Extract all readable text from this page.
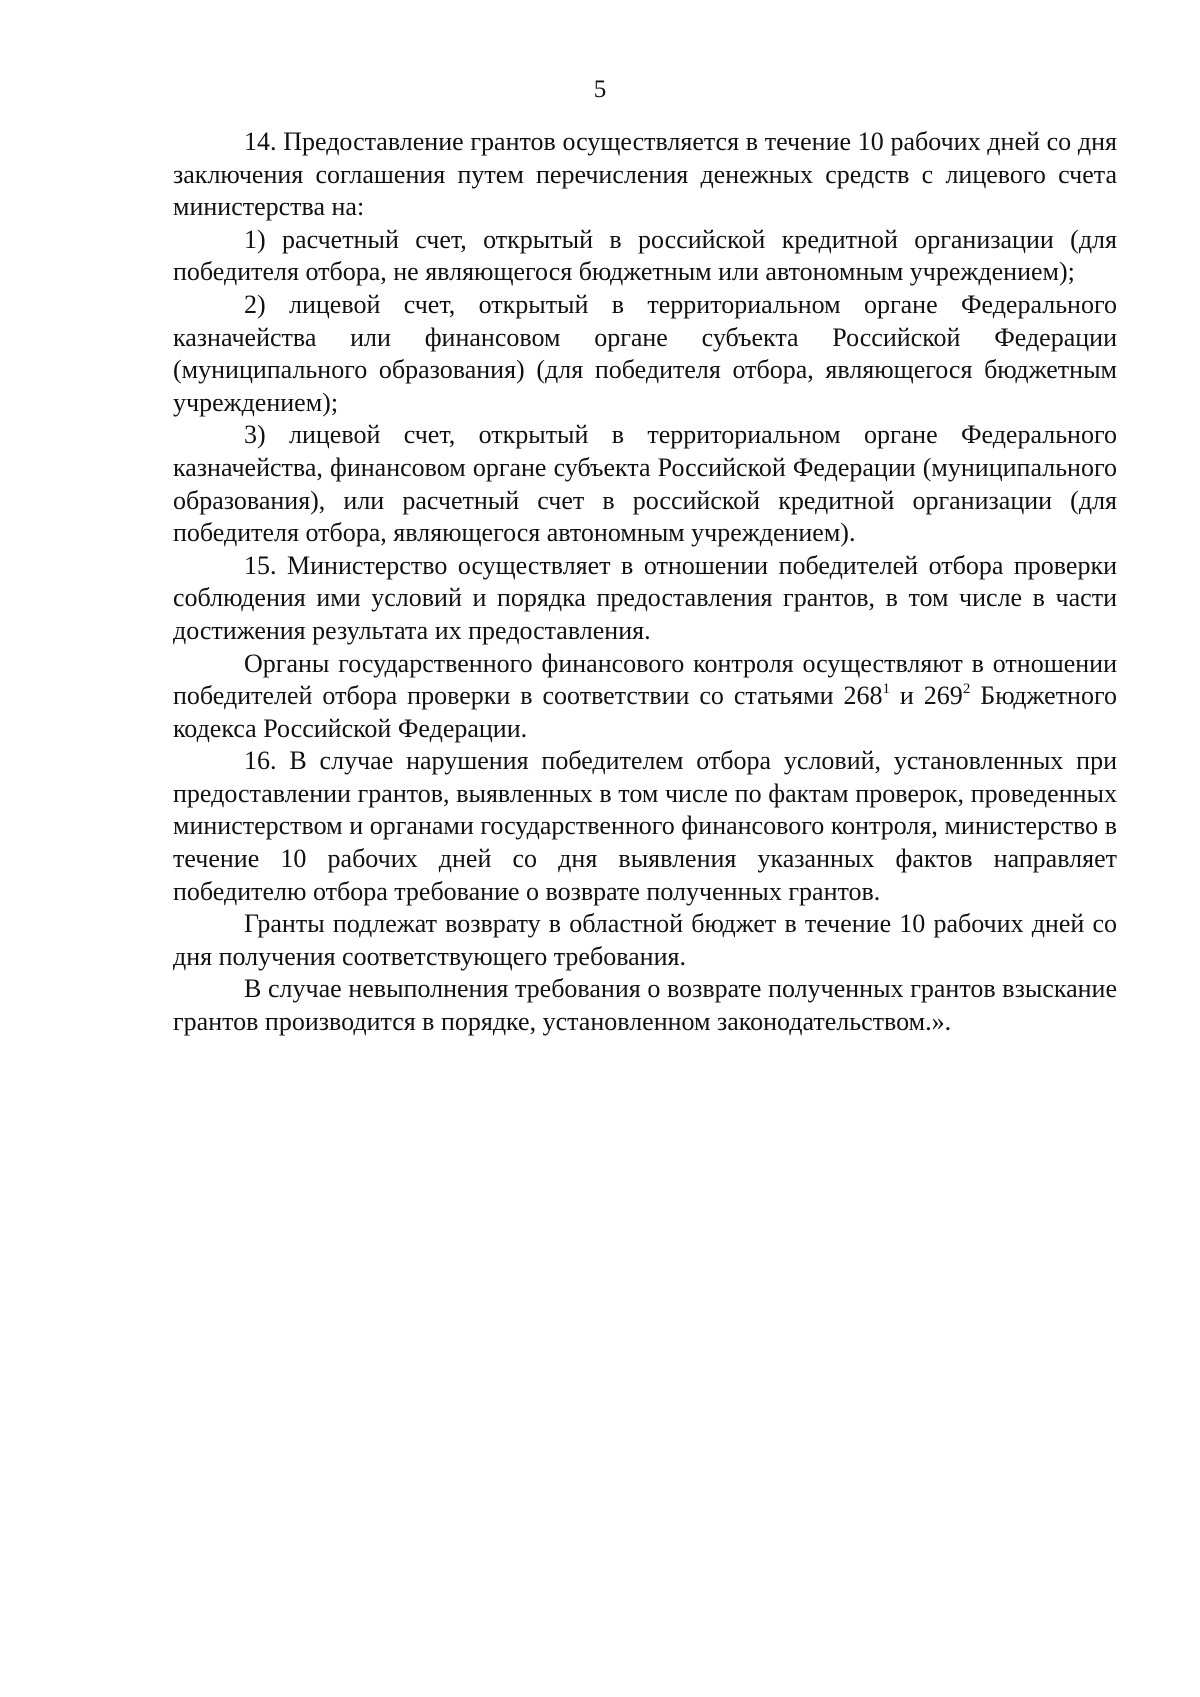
5

14. Предоставление грантов осуществляется в течение 10 рабочих дней со дня заключения соглашения путем перечисления денежных средств с лицевого счета министерства на:

1) расчетный счет, открытый в российской кредитной организации (для победителя отбора, не являющегося бюджетным или автономным учреждением);

2) лицевой счет, открытый в территориальном органе Федерального казначейства или финансовом органе субъекта Российской Федерации (муниципального образования) (для победителя отбора, являющегося бюджетным учреждением);

3) лицевой счет, открытый в территориальном органе Федерального казначейства, финансовом органе субъекта Российской Федерации (муниципального образования), или расчетный счет в российской кредитной организации (для победителя отбора, являющегося автономным учреждением).

15. Министерство осуществляет в отношении победителей отбора проверки соблюдения ими условий и порядка предоставления грантов, в том числе в части достижения результата их предоставления.

Органы государственного финансового контроля осуществляют в отношении победителей отбора проверки в соответствии со статьями $268^1$ и $269^2$ Бюджетного кодекса Российской Федерации.

16. В случае нарушения победителем отбора условий, установленных при предоставлении грантов, выявленных в том числе по фактам проверок, проведенных министерством и органами государственного финансового контроля, министерство в течение 10 рабочих дней со дня выявления указанных фактов направляет победителю отбора требование о возврате полученных грантов.

Гранты подлежат возврату в областной бюджет в течение 10 рабочих дней со дня получения соответствующего требования.

В случае невыполнения требования о возврате полученных грантов взыскание грантов производится в порядке, установленном законодательством.».
